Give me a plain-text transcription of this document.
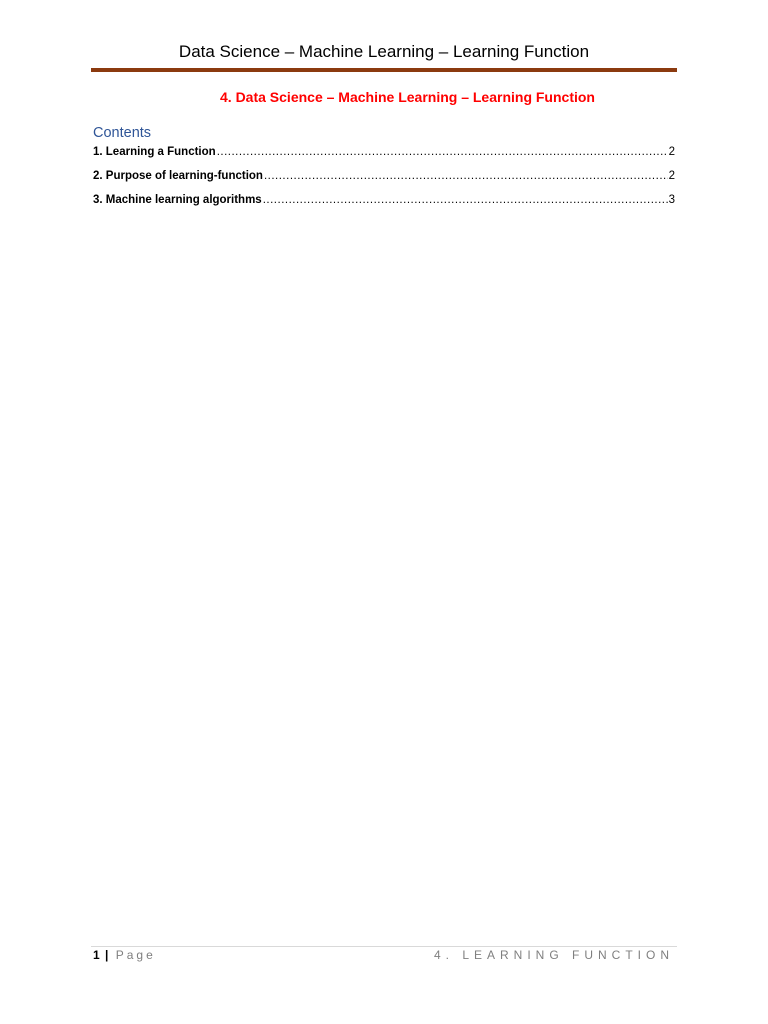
Data Science – Machine Learning – Learning Function
4. Data Science – Machine Learning – Learning Function
Contents
1. Learning a Function .....	2
2. Purpose of learning-function .....	2
3. Machine learning algorithms .....	3
1 | Page	4. LEARNING FUNCTION
